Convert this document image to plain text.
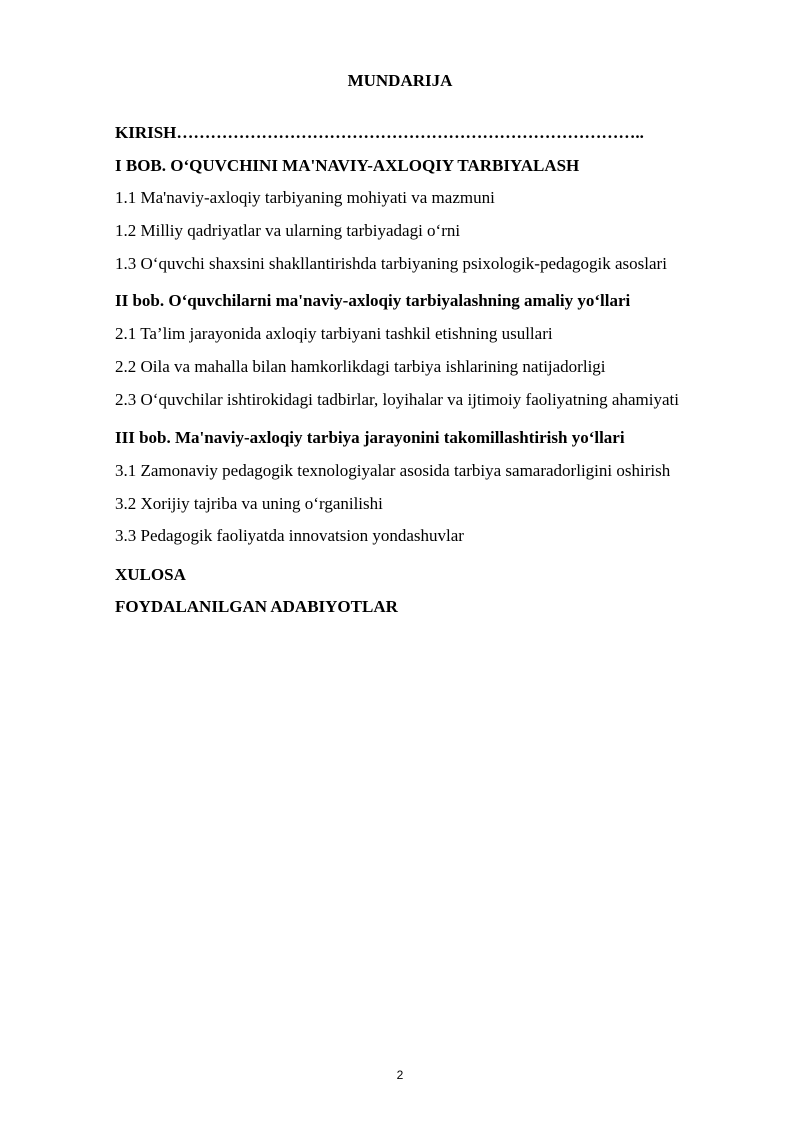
MUNDARIJA
KIRISH………………………………………………………………………..
I BOB. O‘QUVCHINI MA'NAVIY-AXLOQIY TARBIYALASH
1.1 Ma'naviy-axloqiy tarbiyaning mohiyati va mazmuni
1.2 Milliy qadriyatlar va ularning tarbiyadagi o‘rni
1.3 O‘quvchi shaxsini shakllantirishda tarbiyaning psixologik-pedagogik asoslari
II bob. O‘quvchilarni ma'naviy-axloqiy tarbiyalashning amaliy yo‘llari
2.1 Ta’lim jarayonida axloqiy tarbiyani tashkil etishning usullari
2.2 Oila va mahalla bilan hamkorlikdagi tarbiya ishlarining natijadorligi
2.3 O‘quvchilar ishtirokidagi tadbirlar, loyihalar va ijtimoiy faoliyatning ahamiyati
III bob. Ma'naviy-axloqiy tarbiya jarayonini takomillashtirish yo‘llari
3.1 Zamonaviy pedagogik texnologiyalar asosida tarbiya samaradorligini oshirish
3.2 Xorijiy tajriba va uning o‘rganilishi
3.3 Pedagogik faoliyatda innovatsion yondashuvlar
XULOSA
FOYDALANILGAN ADABIYOTLAR
2
